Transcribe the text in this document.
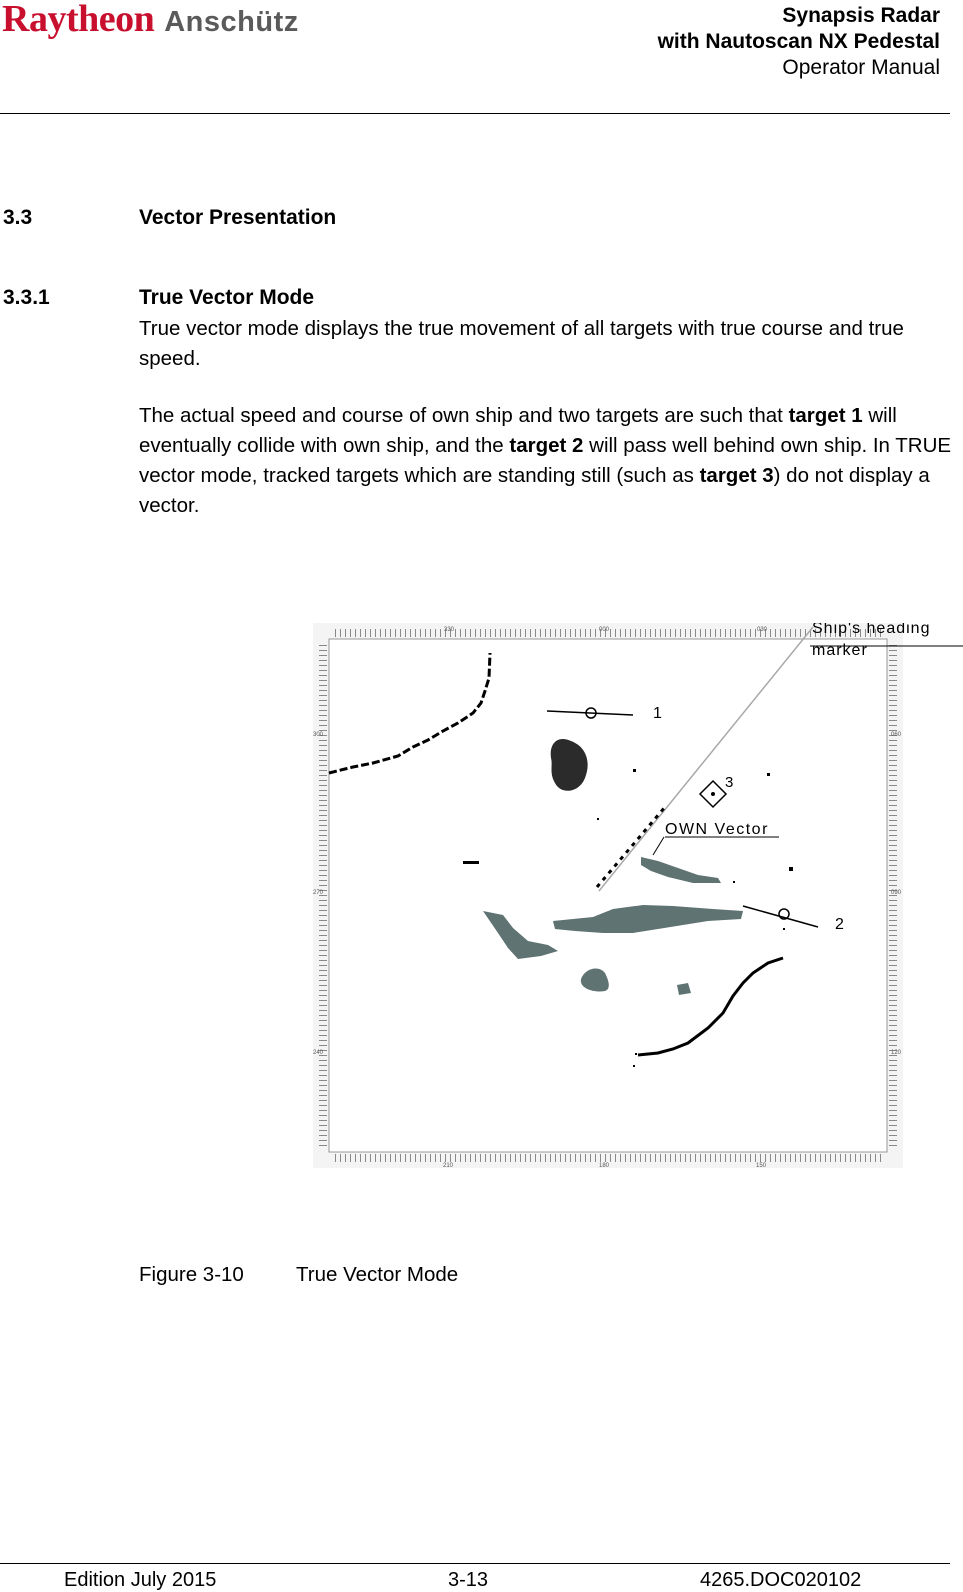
Raytheon Anschütz	Synapsis Radar
with Nautoscan NX Pedestal
Operator Manual
3.3	Vector Presentation
3.3.1	True Vector Mode
True vector mode displays the true movement of all targets with true course and true speed.
The actual speed and course of own ship and two targets are such that target 1 will eventually collide with own ship, and the target 2 will pass well behind own ship. In TRUE vector mode, tracked targets which are standing still (such as target 3) do not display a vector.
330	000	030
210	180	150
300
270
240
060
090
120
Ship's heading
marker
OWN Vector
1
2
3
Figure 3-10	True Vector Mode
Edition July 2015	3-13	4265.DOC020102
